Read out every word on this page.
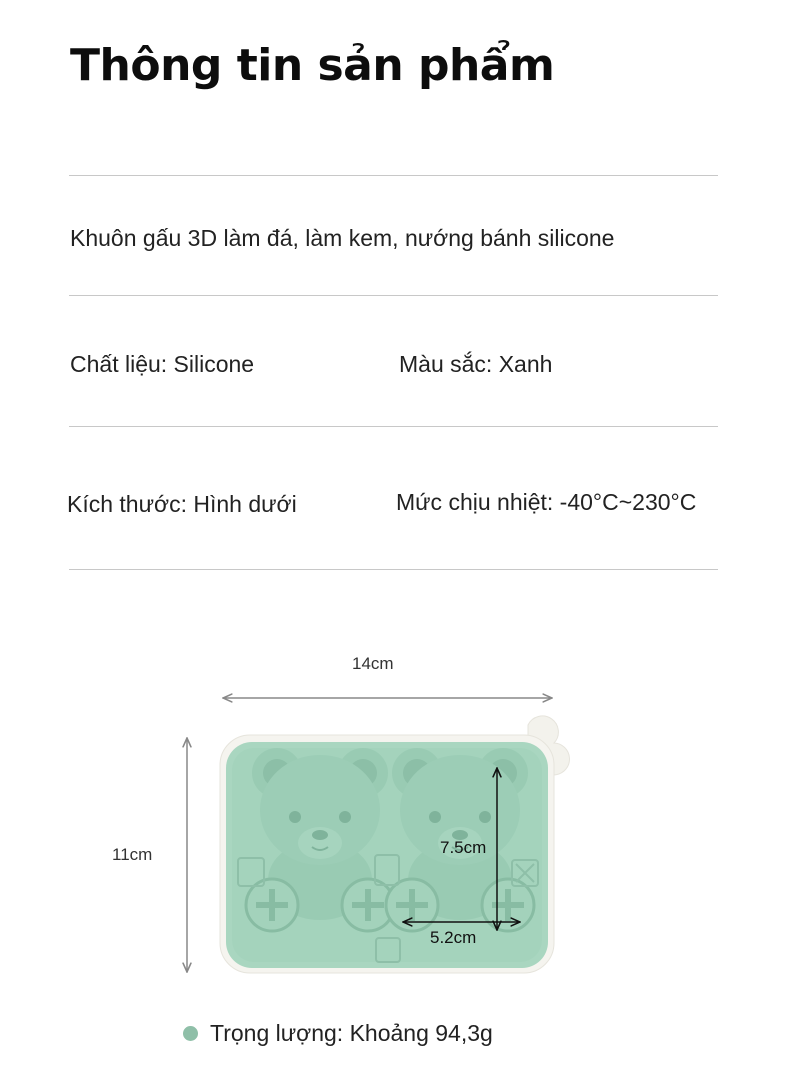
Thông tin sản phẩm
Khuôn gấu 3D làm đá, làm kem, nướng bánh silicone
Chất liệu: Silicone	Màu sắc: Xanh
Kích thước: Hình dưới	Mức chịu nhiệt: -40°C~230°C
14cm
11cm	7.5cm
5.2cm
Trọng lượng: Khoảng 94,3g
